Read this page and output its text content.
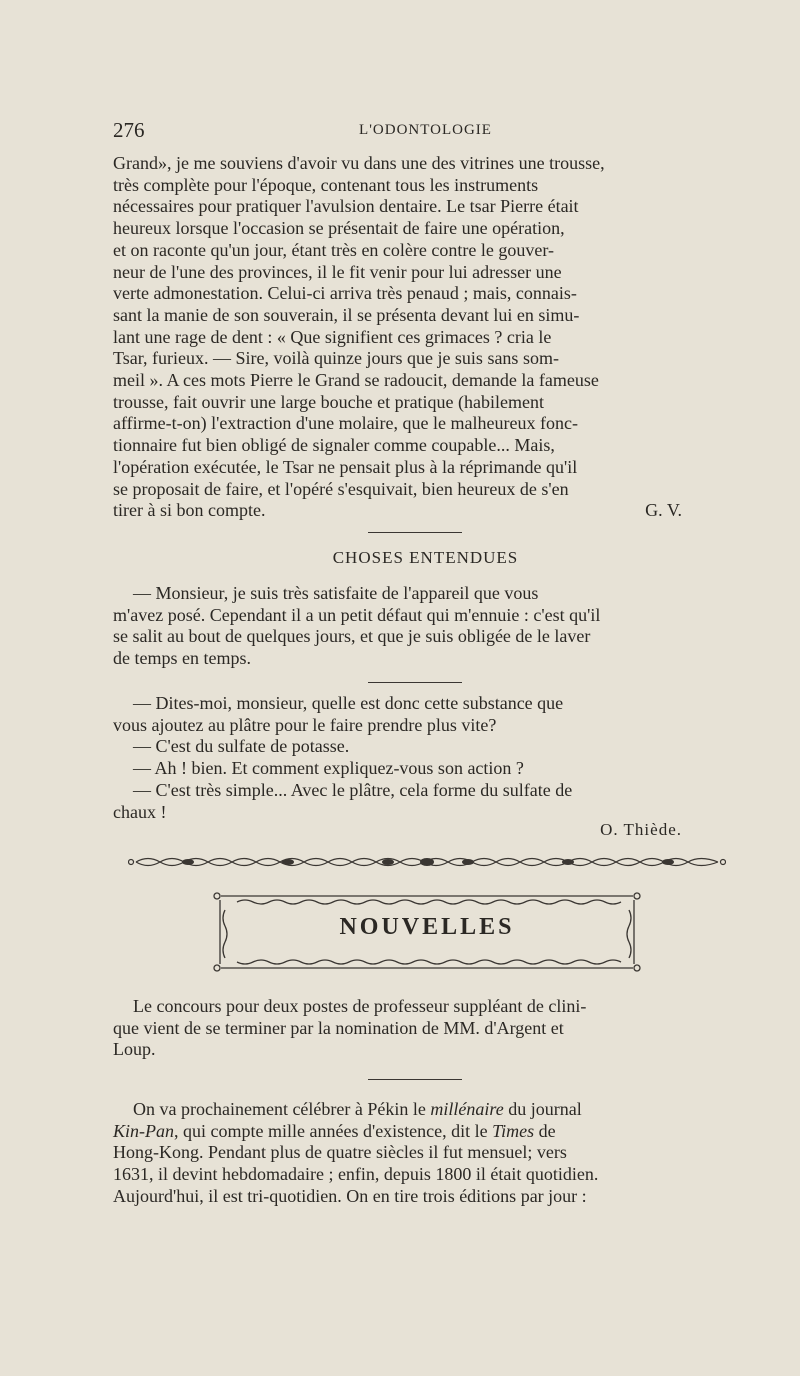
276	L'ODONTOLOGIE

Grand», je me souviens d'avoir vu dans une des vitrines une trousse,

très complète pour l'époque, contenant tous les instruments

nécessaires pour pratiquer l'avulsion dentaire. Le tsar Pierre était

heureux lorsque l'occasion se présentait de faire une opération,

et on raconte qu'un jour, étant très en colère contre le gouver-

neur de l'une des provinces, il le fit venir pour lui adresser une

verte admonestation. Celui-ci arriva très penaud ; mais, connais-

sant la manie de son souverain, il se présenta devant lui en simu-

lant une rage de dent : « Que signifient ces grimaces ? cria le

Tsar, furieux. — Sire, voilà quinze jours que je suis sans som-

meil ». A ces mots Pierre le Grand se radoucit, demande la fameuse

trousse, fait ouvrir une large bouche et pratique (habilement

affirme-t-on) l'extraction d'une molaire, que le malheureux fonc-

tionnaire fut bien obligé de signaler comme coupable... Mais,

l'opération exécutée, le Tsar ne pensait plus à la réprimande qu'il

se proposait de faire, et l'opéré s'esquivait, bien heureux de s'en

tirer à si bon compte.	G. V.

CHOSES ENTENDUES

— Monsieur, je suis très satisfaite de l'appareil que vous

m'avez posé. Cependant il a un petit défaut qui m'ennuie : c'est qu'il

se salit au bout de quelques jours, et que je suis obligée de le laver

de temps en temps.

— Dites-moi, monsieur, quelle est donc cette substance que

vous ajoutez au plâtre pour le faire prendre plus vite?

— C'est du sulfate de potasse.

— Ah ! bien. Et comment expliquez-vous son action ?

— C'est très simple... Avec le plâtre, cela forme du sulfate de

chaux !

O. Thiède.
NOUVELLES

Le concours pour deux postes de professeur suppléant de clini-

que vient de se terminer par la nomination de MM. d'Argent et

Loup.

On va prochainement célébrer à Pékin le millénaire du journal

Kin-Pan, qui compte mille années d'existence, dit le Times de

Hong-Kong. Pendant plus de quatre siècles il fut mensuel; vers

1631, il devint hebdomadaire ; enfin, depuis 1800 il était quotidien.

Aujourd'hui, il est tri-quotidien. On en tire trois éditions par jour :
